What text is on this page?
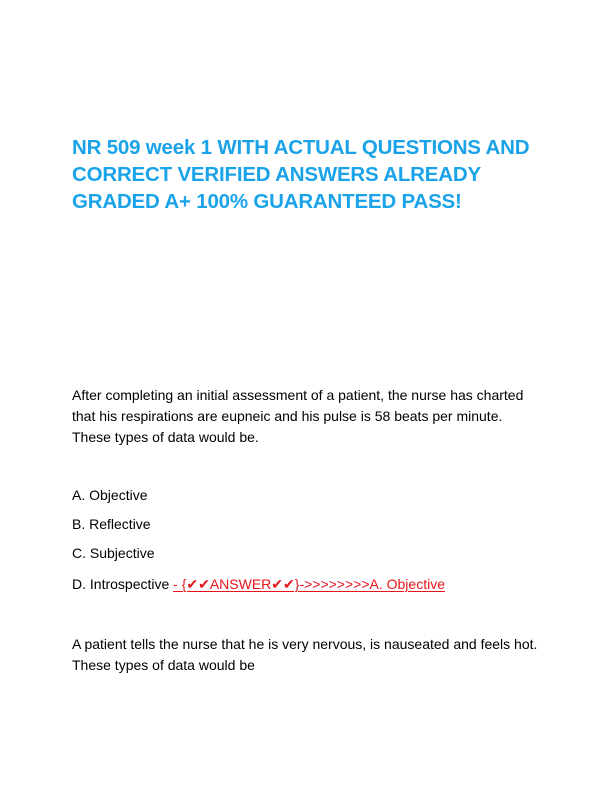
NR 509 week 1 WITH ACTUAL QUESTIONS AND CORRECT VERIFIED ANSWERS ALREADY GRADED A+ 100% GUARANTEED PASS!

After completing an initial assessment of a patient, the nurse has charted that his respirations are eupneic and his pulse is 58 beats per minute. These types of data would be.

A. Objective

B. Reflective

C. Subjective

D. Introspective - {✔✔ANSWER✔✔}->>>>>>>>A. Objective

A patient tells the nurse that he is very nervous, is nauseated and feels hot. These types of data would be
